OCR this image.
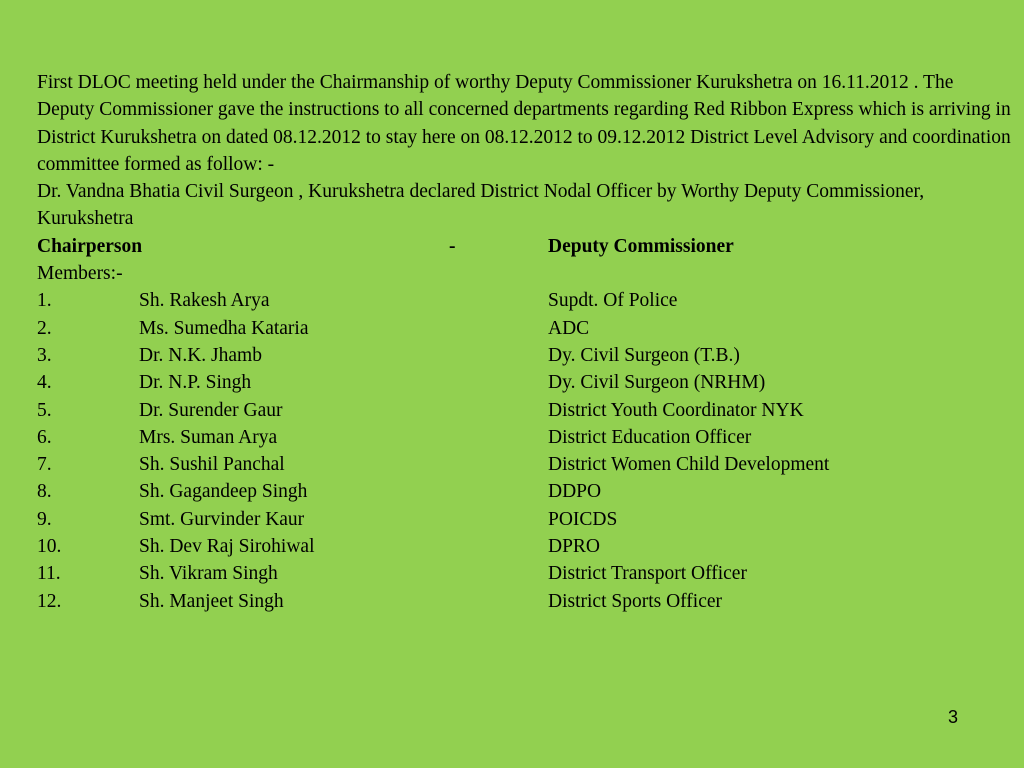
First DLOC meeting held under the Chairmanship of worthy Deputy Commissioner Kurukshetra on 16.11.2012 . The Deputy Commissioner gave the instructions to all concerned departments regarding Red Ribbon Express which is arriving in District Kurukshetra on dated 08.12.2012 to stay here on 08.12.2012 to 09.12.2012 District Level Advisory and coordination committee formed as follow: -

Dr. Vandna Bhatia Civil Surgeon , Kurukshetra declared District Nodal Officer by Worthy Deputy Commissioner, Kurukshetra

Chairperson	-	Deputy Commissioner
Members:-
1.	Sh. Rakesh Arya	Supdt. Of Police
2.	Ms. Sumedha Kataria	ADC
3.	Dr. N.K. Jhamb	Dy. Civil Surgeon (T.B.)
4.	Dr. N.P. Singh	Dy. Civil Surgeon (NRHM)
5.	Dr. Surender Gaur	District Youth Coordinator NYK
6.	Mrs. Suman Arya	District Education Officer
7.	Sh. Sushil Panchal	District Women Child Development
8.	Sh. Gagandeep Singh	DDPO
9.	Smt. Gurvinder Kaur	POICDS
10.	Sh. Dev Raj Sirohiwal	DPRO
11.	Sh. Vikram Singh	District Transport Officer
12.	Sh. Manjeet Singh	District Sports Officer
3
